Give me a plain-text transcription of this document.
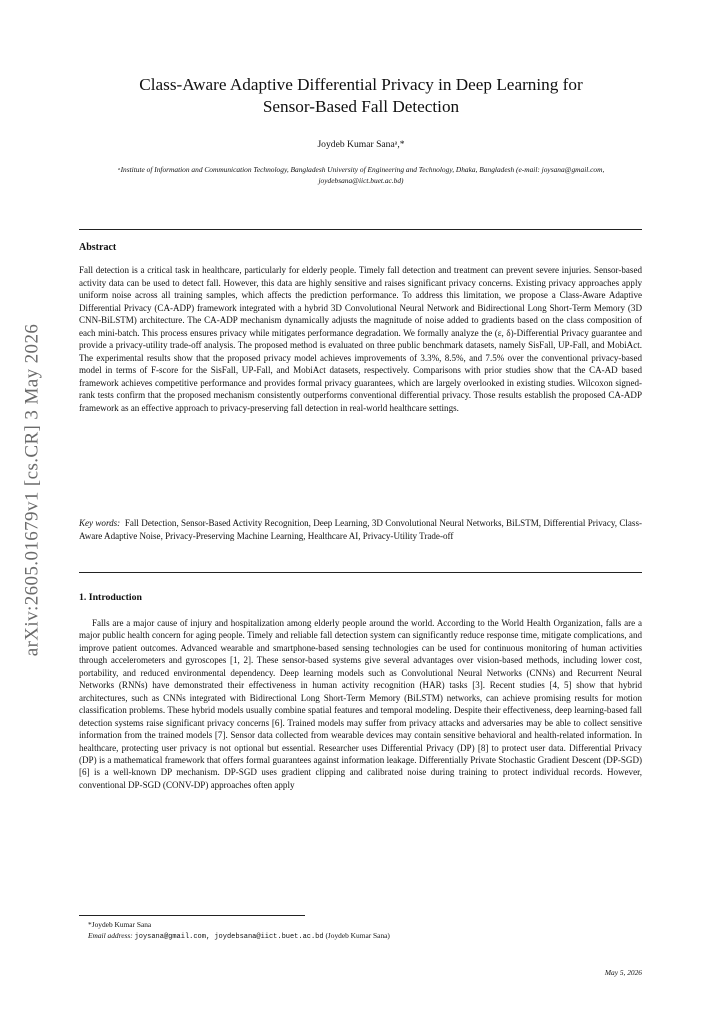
arXiv:2605.01679v1 [cs.CR] 3 May 2026
Class-Aware Adaptive Differential Privacy in Deep Learning for
Sensor-Based Fall Detection
Joydeb Kumar Sanaᵃ,*
ᵃInstitute of Information and Communication Technology, Bangladesh University of Engineering and Technology, Dhaka, Bangladesh (e-mail: joysana@gmail.com, joydebsana@iict.buet.ac.bd)
Abstract
Fall detection is a critical task in healthcare, particularly for elderly people. Timely fall detection and treatment can prevent severe injuries. Sensor-based activity data can be used to detect fall. However, this data are highly sensitive and raises significant privacy concerns. Existing privacy approaches apply uniform noise across all training samples, which affects the prediction performance. To address this limitation, we propose a Class-Aware Adaptive Differential Privacy (CA-ADP) framework integrated with a hybrid 3D Convolutional Neural Network and Bidirectional Long Short-Term Memory (3D CNN-BiLSTM) architecture. The CA-ADP mechanism dynamically adjusts the magnitude of noise added to gradients based on the class composition of each mini-batch. This process ensures privacy while mitigates performance degradation. We formally analyze the (ε, δ)-Differential Privacy guarantee and provide a privacy-utility trade-off analysis. The proposed method is evaluated on three public benchmark datasets, namely SisFall, UP-Fall, and MobiAct. The experimental results show that the proposed privacy model achieves improvements of 3.3%, 8.5%, and 7.5% over the conventional privacy-based model in terms of F-score for the SisFall, UP-Fall, and MobiAct datasets, respectively. Comparisons with prior studies show that the CA-AD based framework achieves competitive performance and provides formal privacy guarantees, which are largely overlooked in existing studies. Wilcoxon signed-rank tests confirm that the proposed mechanism consistently outperforms conventional differential privacy. Those results establish the proposed CA-ADP framework as an effective approach to privacy-preserving fall detection in real-world healthcare settings.
Key words: Fall Detection, Sensor-Based Activity Recognition, Deep Learning, 3D Convolutional Neural Networks, BiLSTM, Differential Privacy, Class-Aware Adaptive Noise, Privacy-Preserving Machine Learning, Healthcare AI, Privacy-Utility Trade-off
1. Introduction
Falls are a major cause of injury and hospitalization among elderly people around the world. According to the World Health Organization, falls are a major public health concern for aging people. Timely and reliable fall detection system can significantly reduce response time, mitigate complications, and improve patient outcomes. Advanced wearable and smartphone-based sensing technologies can be used for continuous monitoring of human activities through accelerometers and gyroscopes [1, 2]. These sensor-based systems give several advantages over vision-based methods, including lower cost, portability, and reduced environmental dependency. Deep learning models such as Convolutional Neural Networks (CNNs) and Recurrent Neural Networks (RNNs) have demonstrated their effectiveness in human activity recognition (HAR) tasks [3]. Recent studies [4, 5] show that hybrid architectures, such as CNNs integrated with Bidirectional Long Short-Term Memory (BiLSTM) networks, can achieve promising results for motion classification problems. These hybrid models usually combine spatial features and temporal modeling. Despite their effectiveness, deep learning-based fall detection systems raise significant privacy concerns [6]. Trained models may suffer from privacy attacks and adversaries may be able to collect sensitive information from the trained models [7]. Sensor data collected from wearable devices may contain sensitive behavioral and health-related information. In healthcare, protecting user privacy is not optional but essential. Researcher uses Differential Privacy (DP) [8] to protect user data. Differential Privacy (DP) is a mathematical framework that offers formal guarantees against information leakage. Differentially Private Stochastic Gradient Descent (DP-SGD)[6] is a well-known DP mechanism. DP-SGD uses gradient clipping and calibrated noise during training to protect individual records. However, conventional DP-SGD (CONV-DP) approaches often apply
*Joydeb Kumar Sana
Email address: joysana@gmail.com, joydebsana@iict.buet.ac.bd (Joydeb Kumar Sana)
May 5, 2026
